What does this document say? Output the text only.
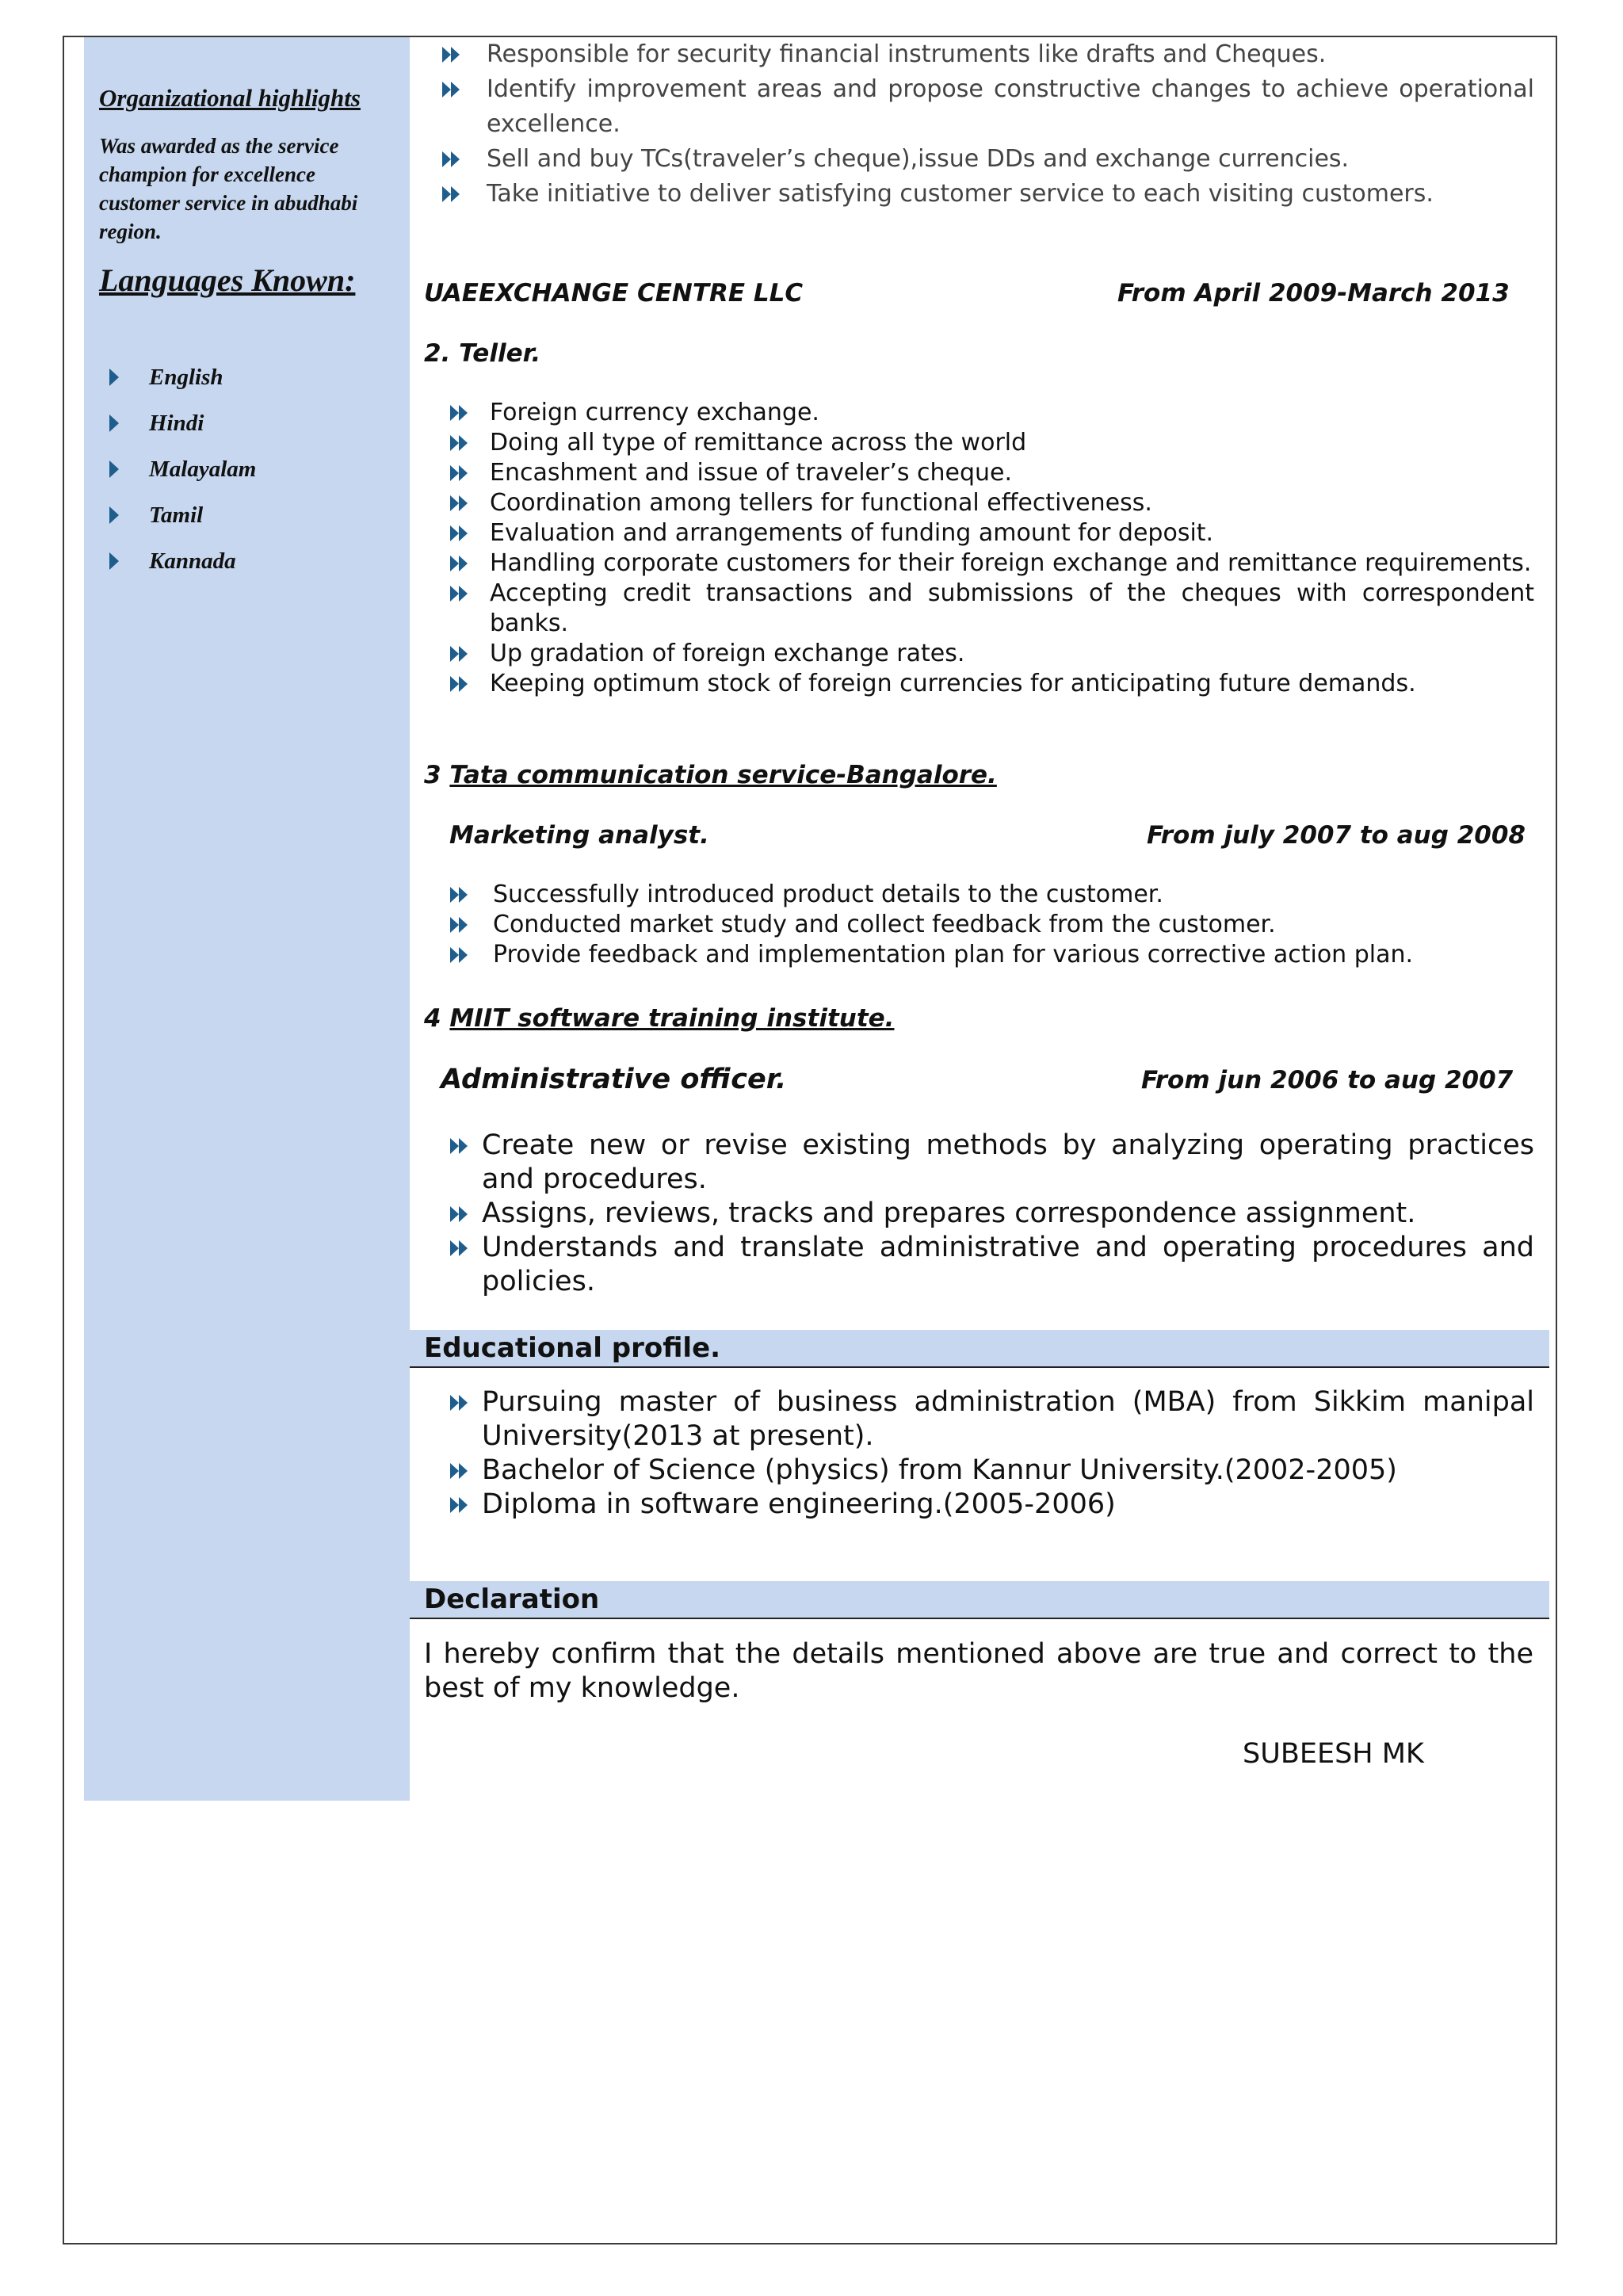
Organizational highlights
Was awarded as the service champion for excellence customer service in abudhabi region.
Languages Known:
English
Hindi
Malayalam
Tamil
Kannada
Responsible for security financial instruments like drafts and Cheques.
Identify improvement areas and propose constructive changes to achieve operational excellence.
Sell and buy TCs(traveler’s cheque),issue DDs and exchange currencies.
Take initiative to deliver satisfying customer service to each visiting customers.
UAEEXCHANGE CENTRE LLC	From April 2009-March 2013
2. Teller.
Foreign currency exchange.
Doing all type of remittance across the world
Encashment and issue of traveler’s cheque.
Coordination among tellers for functional effectiveness.
Evaluation and arrangements of funding amount for deposit.
Handling corporate customers for their foreign exchange and remittance requirements.
Accepting credit transactions and submissions of the cheques with correspondent banks.
Up gradation of foreign exchange rates.
Keeping optimum stock of foreign currencies for anticipating future demands.
3 Tata communication service-Bangalore.
Marketing analyst.	From july 2007 to aug 2008
Successfully introduced product details to the customer.
Conducted market study and collect feedback from the customer.
Provide feedback and implementation plan for various corrective action plan.
4 MIIT software training institute.
Administrative officer.	From jun 2006 to aug 2007
Create new or revise existing methods by analyzing operating practices and procedures.
Assigns, reviews, tracks and prepares correspondence assignment.
Understands and translate administrative and operating procedures and policies.
Educational profile.
Pursuing master of business administration (MBA) from Sikkim manipal University(2013 at present).
Bachelor of Science (physics) from Kannur University.(2002-2005)
Diploma in software engineering.(2005-2006)
Declaration
I hereby confirm that the details mentioned above are true and correct to the best of my knowledge.
SUBEESH MK
